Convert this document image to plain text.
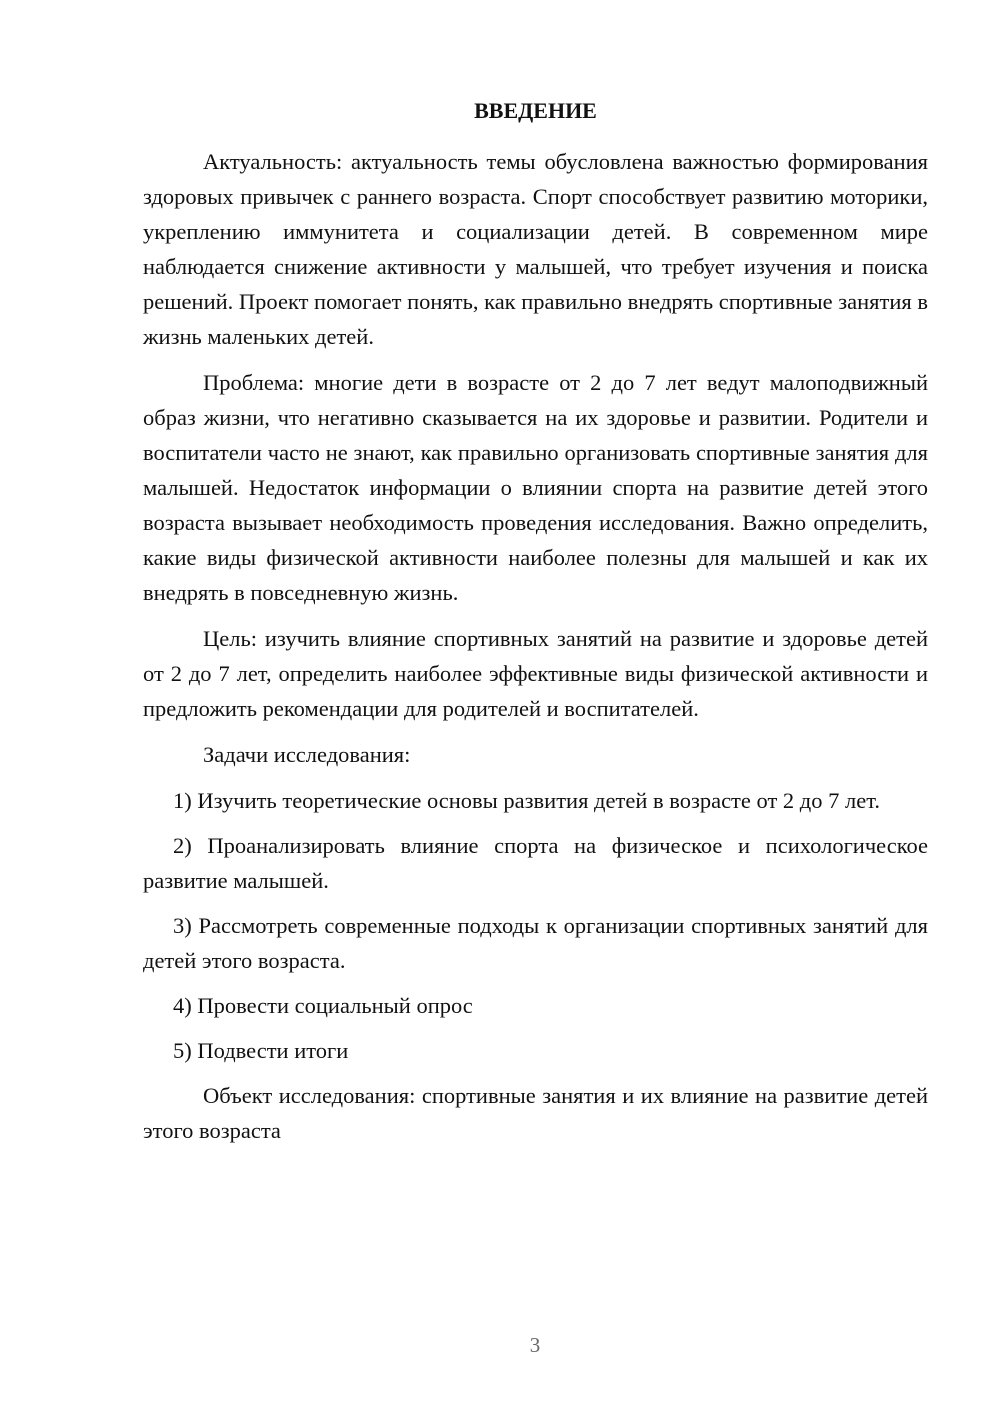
ВВЕДЕНИЕ

Актуальность: актуальность темы обусловлена важностью формирования здоровых привычек с раннего возраста. Спорт способствует развитию моторики, укреплению иммунитета и социализации детей. В современном мире наблюдается снижение активности у малышей, что требует изучения и поиска решений. Проект помогает понять, как правильно внедрять спортивные занятия в жизнь маленьких детей.

Проблема: многие дети в возрасте от 2 до 7 лет ведут малоподвижный образ жизни, что негативно сказывается на их здоровье и развитии. Родители и воспитатели часто не знают, как правильно организовать спортивные занятия для малышей. Недостаток информации о влиянии спорта на развитие детей этого возраста вызывает необходимость проведения исследования. Важно определить, какие виды физической активности наиболее полезны для малышей и как их внедрять в повседневную жизнь.

Цель: изучить влияние спортивных занятий на развитие и здоровье детей от 2 до 7 лет, определить наиболее эффективные виды физической активности и предложить рекомендации для родителей и воспитателей.

Задачи исследования:

1) Изучить теоретические основы развития детей в возрасте от 2 до 7 лет.

2) Проанализировать влияние спорта на физическое и психологическое развитие малышей.

3) Рассмотреть современные подходы к организации спортивных занятий для детей этого возраста.

4) Провести социальный опрос

5) Подвести итоги

Объект исследования: спортивные занятия и их влияние на развитие детей этого возраста

3
